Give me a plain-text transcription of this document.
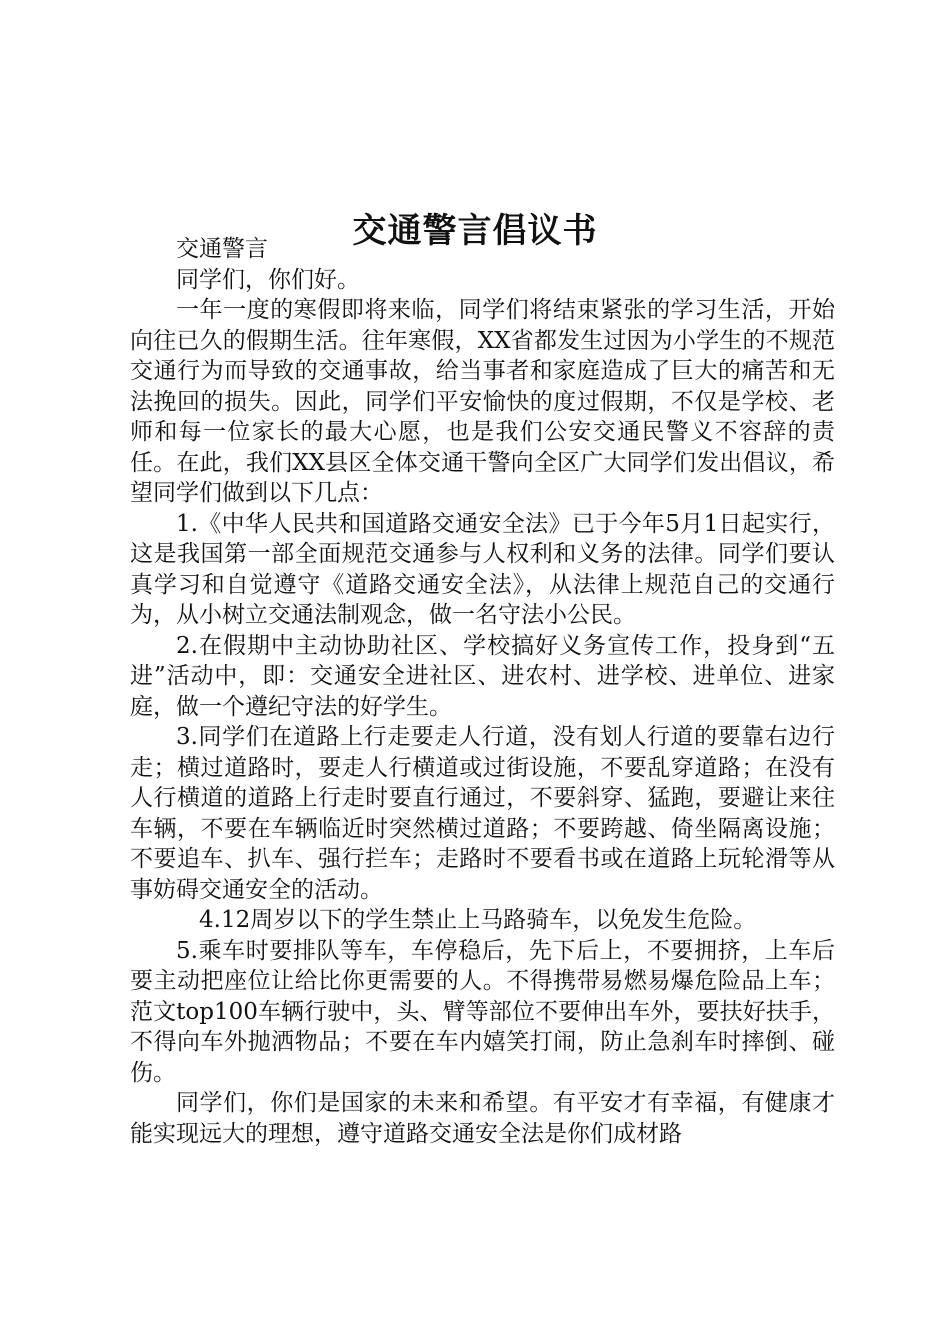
交通警言倡议书

交通警言

同学们，你们好。

一年一度的寒假即将来临，同学们将结束紧张的学习生活，开始向往已久的假期生活。往年寒假，XX省都发生过因为小学生的不规范交通行为而导致的交通事故，给当事者和家庭造成了巨大的痛苦和无法挽回的损失。因此，同学们平安愉快的度过假期，不仅是学校、老师和每一位家长的最大心愿，也是我们公安交通民警义不容辞的责任。在此，我们XX县区全体交通干警向全区广大同学们发出倡议，希望同学们做到以下几点：

1.《中华人民共和国道路交通安全法》已于今年5月1日起实行，这是我国第一部全面规范交通参与人权利和义务的法律。同学们要认真学习和自觉遵守《道路交通安全法》，从法律上规范自己的交通行为，从小树立交通法制观念，做一名守法小公民。

2.在假期中主动协助社区、学校搞好义务宣传工作，投身到“五进”活动中，即：交通安全进社区、进农村、进学校、进单位、进家庭，做一个遵纪守法的好学生。

3.同学们在道路上行走要走人行道，没有划人行道的要靠右边行走；横过道路时，要走人行横道或过街设施，不要乱穿道路；在没有人行横道的道路上行走时要直行通过，不要斜穿、猛跑，要避让来往车辆，不要在车辆临近时突然横过道路；不要跨越、倚坐隔离设施；不要追车、扒车、强行拦车；走路时不要看书或在道路上玩轮滑等从事妨碍交通安全的活动。

4.12周岁以下的学生禁止上马路骑车，以免发生危险。

5.乘车时要排队等车，车停稳后，先下后上，不要拥挤，上车后要主动把座位让给比你更需要的人。不得携带易燃易爆危险品上车；范文top100车辆行驶中，头、臂等部位不要伸出车外，要扶好扶手，不得向车外抛洒物品；不要在车内嬉笑打闹，防止急刹车时摔倒、碰伤。

同学们，你们是国家的未来和希望。有平安才有幸福，有健康才能实现远大的理想，遵守道路交通安全法是你们成材路
